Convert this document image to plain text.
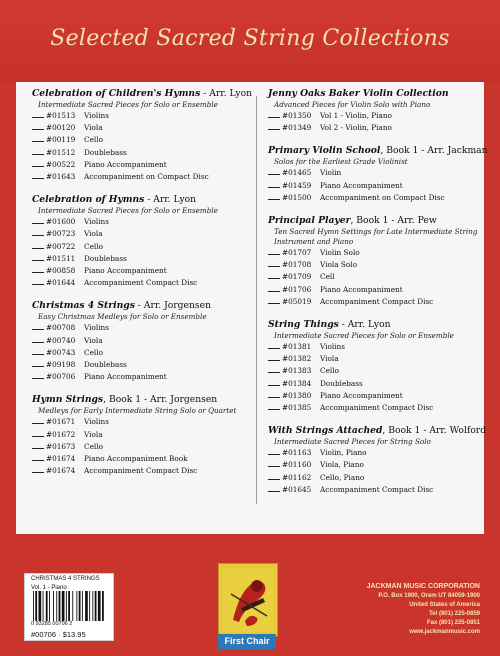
Selected Sacred String Collections
Celebration of Children's Hymns - Arr. Lyon
Intermediate Sacred Pieces for Solo or Ensemble
#01513	Violins
#00120	Viola
#00119	Cello
#01512	Doublebass
#00522	Piano Accompaniment
#01643	Accompaniment on Compact Disc
Celebration of Hymns - Arr. Lyon
Intermediate Sacred Pieces for Solo or Ensemble
#01600	Violins
#00723	Viola
#00722	Cello
#01511	Doublebass
#00858	Piano Accompaniment
#01644	Accompaniment Compact Disc
Christmas 4 Strings - Arr. Jorgensen
Easy Christmas Medleys for Solo or Ensemble
#00708	Violins
#00740	Viola
#00743	Cello
#09198	Doublebass
#00706	Piano Accompaniment
Hymn Strings, Book 1 - Arr. Jorgensen
Medleys for Early Intermediate String Solo or Quartet
#01671	Violins
#01672	Viola
#01673	Cello
#01674	Piano Accompaniment Book
#01674	Accompaniment Compact Disc
Jenny Oaks Baker Violin Collection
Advanced Pieces for Violin Solo with Piano
#01350	Vol 1 - Violin, Piano
#01349	Vol 2 - Violin, Piano
Primary Violin School, Book 1 - Arr. Jackman
Solos for the Earliest Grade Violinist
#01465	Violin
#01459	Piano Accompaniment
#01500	Accompaniment on Compact Disc
Principal Player, Book 1 - Arr. Pew
Ten Sacred Hymn Settings for Late Intermediate String Instrument and Piano
#01707	Violin Solo
#01708	Viola Solo
#01709	Cell
#01706	Piano Accompaniment
#05019	Accompaniment Compact Disc
String Things - Arr. Lyon
Intermediate Sacred Pieces for Solo or Ensemble
#01381	Violins
#01382	Viola
#01383	Cello
#01384	Doublebass
#01380	Piano Accompaniment
#01385	Accompaniment Compact Disc
With Strings Attached, Book 1 - Arr. Wolford
Intermediate Sacred Pieces for String Solo
#01163	Violin, Piano
#01160	Viola, Piano
#01162	Cello, Piano
#01645	Accompaniment Compact Disc
CHRISTMAS 4 STRINGS
Vol. 1 - Piano
0 93285 00706 2
#00706 · $13.95
First Chair
JACKMAN MUSIC CORPORATION
P.O. Box 1900, Orem UT 84059-1900
United States of America
Tel (801) 225-0859
Fax (801) 225-0851
www.jackmanmusic.com
